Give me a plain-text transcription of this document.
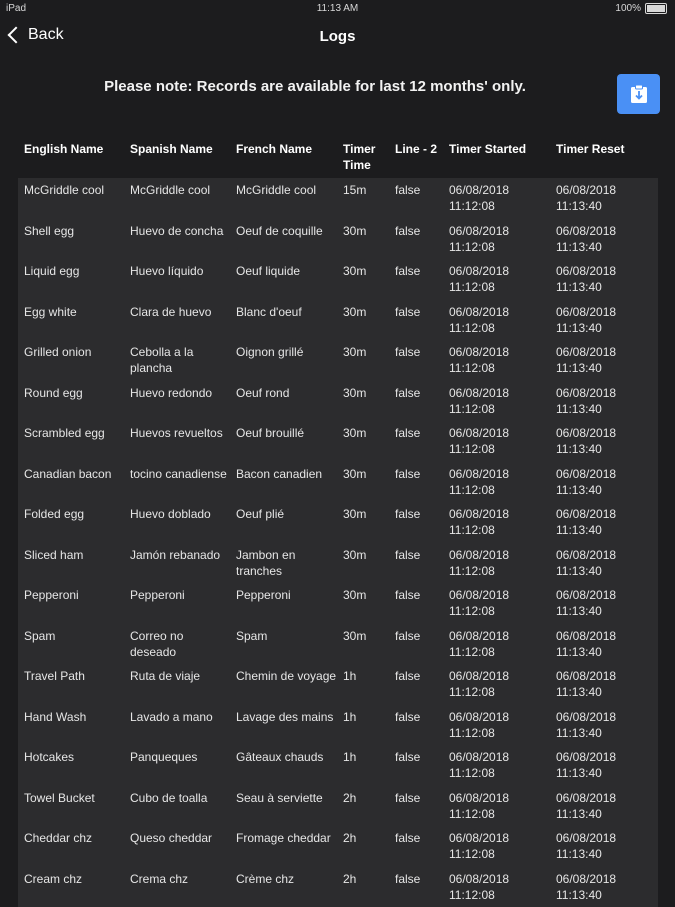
iPad	11:13 AM	100%
Back	Logs
Please note: Records are available for last 12 months' only.
English Name	Spanish Name	French Name	Timer Time	Line - 2	Timer Started	Timer Reset
McGriddle cool	McGriddle cool	McGriddle cool	15m	false	06/08/2018 11:12:08	06/08/2018 11:13:40
Shell egg	Huevo de concha	Oeuf de coquille	30m	false	06/08/2018 11:12:08	06/08/2018 11:13:40
Liquid egg	Huevo líquido	Oeuf liquide	30m	false	06/08/2018 11:12:08	06/08/2018 11:13:40
Egg white	Clara de huevo	Blanc d'oeuf	30m	false	06/08/2018 11:12:08	06/08/2018 11:13:40
Grilled onion	Cebolla a la plancha	Oignon grillé	30m	false	06/08/2018 11:12:08	06/08/2018 11:13:40
Round egg	Huevo redondo	Oeuf rond	30m	false	06/08/2018 11:12:08	06/08/2018 11:13:40
Scrambled egg	Huevos revueltos	Oeuf brouillé	30m	false	06/08/2018 11:12:08	06/08/2018 11:13:40
Canadian bacon	tocino canadiense	Bacon canadien	30m	false	06/08/2018 11:12:08	06/08/2018 11:13:40
Folded egg	Huevo doblado	Oeuf plié	30m	false	06/08/2018 11:12:08	06/08/2018 11:13:40
Sliced ham	Jamón rebanado	Jambon en tranches	30m	false	06/08/2018 11:12:08	06/08/2018 11:13:40
Pepperoni	Pepperoni	Pepperoni	30m	false	06/08/2018 11:12:08	06/08/2018 11:13:40
Spam	Correo no deseado	Spam	30m	false	06/08/2018 11:12:08	06/08/2018 11:13:40
Travel Path	Ruta de viaje	Chemin de voyage	1h	false	06/08/2018 11:12:08	06/08/2018 11:13:40
Hand Wash	Lavado a mano	Lavage des mains	1h	false	06/08/2018 11:12:08	06/08/2018 11:13:40
Hotcakes	Panqueques	Gâteaux chauds	1h	false	06/08/2018 11:12:08	06/08/2018 11:13:40
Towel Bucket	Cubo de toalla	Seau à serviette	2h	false	06/08/2018 11:12:08	06/08/2018 11:13:40
Cheddar chz	Queso cheddar	Fromage cheddar	2h	false	06/08/2018 11:12:08	06/08/2018 11:13:40
Cream chz	Crema chz	Crème chz	2h	false	06/08/2018 11:12:08	06/08/2018 11:13:40
